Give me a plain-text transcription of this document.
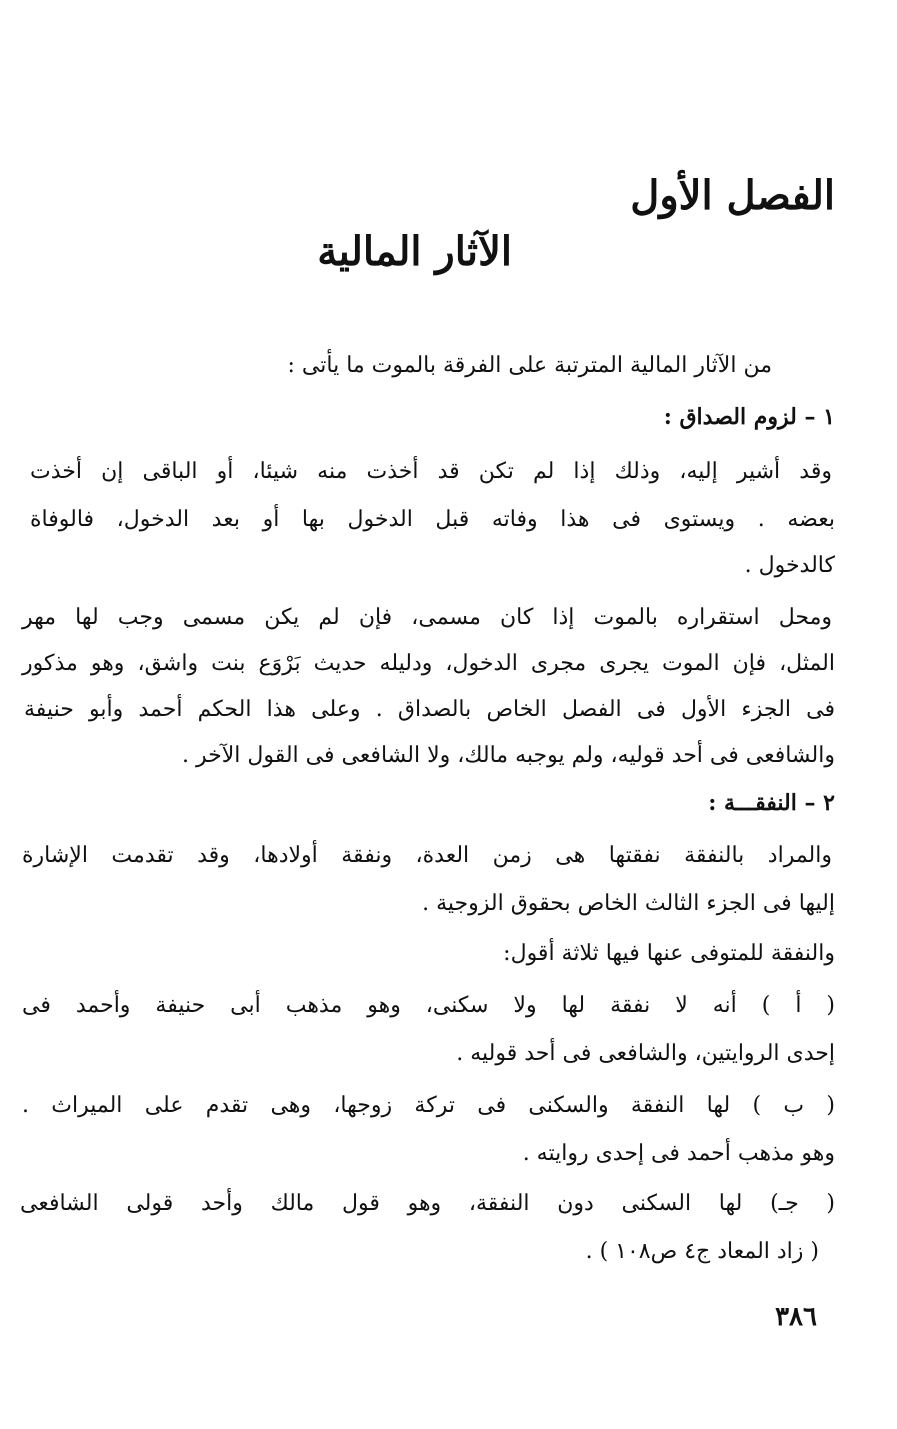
الفصل الأول
الآثار المالية
من الآثار المالية المترتبة على الفرقة بالموت ما يأتى :
١ – لزوم الصداق :
وقد أشير إليه، وذلك إذا لم تكن قد أخذت منه شيئا، أو الباقى إن أخذت
بعضه . ويستوى فى هذا وفاته قبل الدخول بها أو بعد الدخول، فالوفاة
كالدخول .
ومحل استقراره بالموت إذا كان مسمى، فإن لم يكن مسمى وجب لها مهر
المثل، فإن الموت يجرى مجرى الدخول، ودليله حديث بَرْوَع بنت واشق، وهو مذكور
فى الجزء الأول فى الفصل الخاص بالصداق . وعلى هذا الحكم أحمد وأبو حنيفة
والشافعى فى أحد قوليه، ولم يوجبه مالك، ولا الشافعى فى القول الآخر .
٢ – النفقـــة :
والمراد بالنفقة نفقتها هى زمن العدة، ونفقة أولادها، وقد تقدمت الإشارة
إليها فى الجزء الثالث الخاص بحقوق الزوجية .
والنفقة للمتوفى عنها فيها ثلاثة أقول:
( أ ) أنه لا نفقة لها ولا سكنى، وهو مذهب أبى حنيفة وأحمد فى
إحدى الروايتين، والشافعى فى أحد قوليه .
( ب ) لها النفقة والسكنى فى تركة زوجها، وهى تقدم على الميراث .
وهو مذهب أحمد فى إحدى روايته .
( جـ) لها السكنى دون النفقة، وهو قول مالك وأحد قولى الشافعى
( زاد المعاد ج٤ ص١٠٨ ) .
٣٨٦
